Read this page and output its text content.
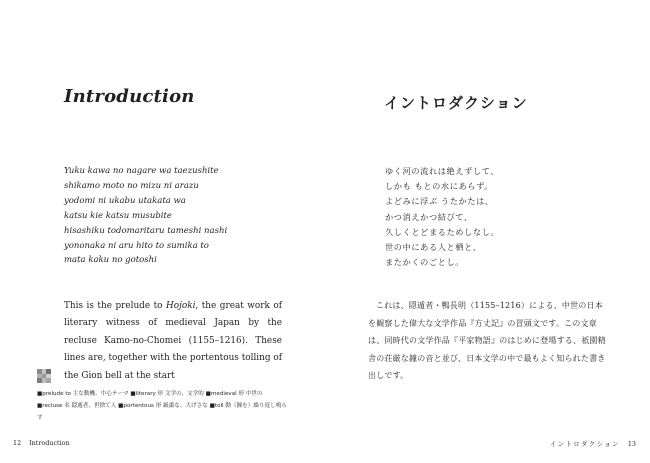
Introduction
Yuku kawa no nagare wa taezushite
shikamo moto no mizu ni arazu
yodomi ni ukabu utakata wa
katsu kie katsu musubite
hisashiku todomaritaru tameshi nashi
yononaka ni aru hito to sumika to
mata kaku no gotoshi

This is the prelude to Hojoki, the great work of literary witness of medieval Japan by the recluse Kamo-no-Chomei (1155–1216). These lines are, together with the portentous tolling of the Gion bell at the start

■prelude to 主な動機、中心テーマ ■literary 形 文学の、文学的 ■medieval 形 中世の ■recluse 名 隠遁者、世捨て人 ■portentous 形 厳粛な、大げさな ■toll 動（鐘を）繰り返し鳴らす

12 Introduction
イントロダクション
ゆく河の流れは絶えずして、
しかも もとの水にあらず。
よどみに浮ぶ うたかたは、
かつ消えかつ結びて、
久しくとどまるためしなし。
世の中にある人と栖と、
またかくのごとし。

これは、隠遁者・鴨長明（1155–1216）による、中世の日本を観察した偉大な文学作品『方丈記』の冒頭文です。この文章は、同時代の文学作品『平家物語』のはじめに登場する、祇園精舎の荘厳な鐘の音と並び、日本文学の中で最もよく知られた書き出しです。

イントロダクション 13
